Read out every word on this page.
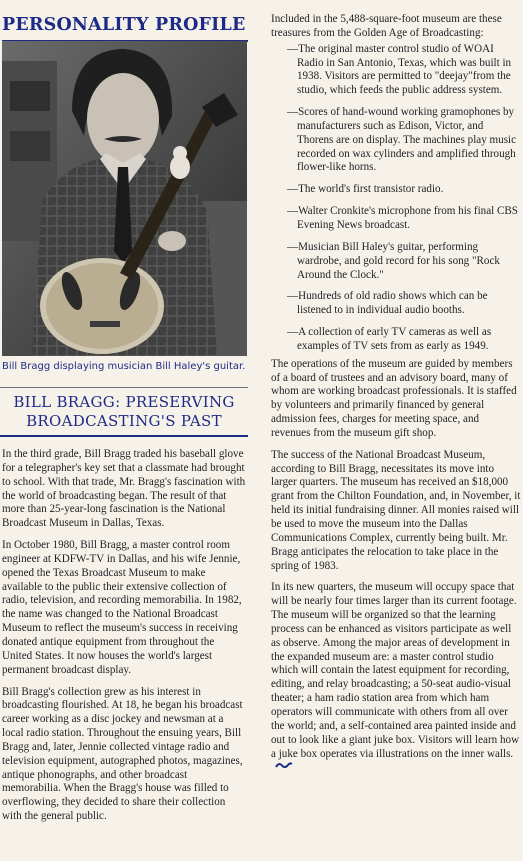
PERSONALITY PROFILE
Bill Bragg displaying musician Bill Haley's guitar.
BILL BRAGG: PRESERVING
BROADCASTING'S PAST

In the third grade, Bill Bragg traded his baseball glove for a telegrapher's key set that a classmate had brought to school. With that trade, Mr. Bragg's fascination with the world of broadcasting began. The result of that more than 25-year-long fascination is the National Broadcast Museum in Dallas, Texas.

In October 1980, Bill Bragg, a master control room engineer at KDFW-TV in Dallas, and his wife Jennie, opened the Texas Broadcast Museum to make available to the public their extensive collection of radio, television, and recording memorabilia. In 1982, the name was changed to the National Broadcast Museum to reflect the museum's success in receiving donated antique equipment from throughout the United States. It now houses the world's largest permanent broadcast display.

Bill Bragg's collection grew as his interest in broadcasting flourished. At 18, he began his broadcast career working as a disc jockey and newsman at a local radio station. Throughout the ensuing years, Bill Bragg and, later, Jennie collected vintage radio and television equipment, autographed photos, magazines, antique phonographs, and other broadcast memorabilia. When the Bragg's house was filled to overflowing, they decided to share their collection with the general public.

Included in the 5,488-square-foot museum are these treasures from the Golden Age of Broadcasting:

— The original master control studio of WOAI Radio in San Antonio, Texas, which was built in 1938. Visitors are permitted to "deejay"from the studio, which feeds the public address system.
— Scores of hand-wound working gramophones by manufacturers such as Edison, Victor, and Thorens are on display. The machines play music recorded on wax cylinders and amplified through flower-like horns.
— The world's first transistor radio.
— Walter Cronkite's microphone from his final CBS Evening News broadcast.
— Musician Bill Haley's guitar, performing wardrobe, and gold record for his song "Rock Around the Clock."
— Hundreds of old radio shows which can be listened to in individual audio booths.
— A collection of early TV cameras as well as examples of TV sets from as early as 1949.

The operations of the museum are guided by members of a board of trustees and an advisory board, many of whom are working broadcast professionals. It is staffed by volunteers and primarily financed by general admission fees, charges for meeting space, and revenues from the museum gift shop.

The success of the National Broadcast Museum, according to Bill Bragg, necessitates its move into larger quarters. The museum has received an $18,000 grant from the Chilton Foundation, and, in November, it held its initial fundraising dinner. All monies raised will be used to move the museum into the Dallas Communications Complex, currently being built. Mr. Bragg anticipates the relocation to take place in the spring of 1983.

In its new quarters, the museum will occupy space that will be nearly four times larger than its current footage. The museum will be organized so that the learning process can be enhanced as visitors participate as well as observe. Among the major areas of development in the expanded museum are: a master control studio which will contain the latest equipment for recording, editing, and relay broadcasting; a 50-seat audio-visual theater; a ham radio station area from which ham operators will communicate with others from all over the world; and, a self-contained area painted inside and out to look like a giant juke box. Visitors will learn how a juke box operates via illustrations on the inner walls.
